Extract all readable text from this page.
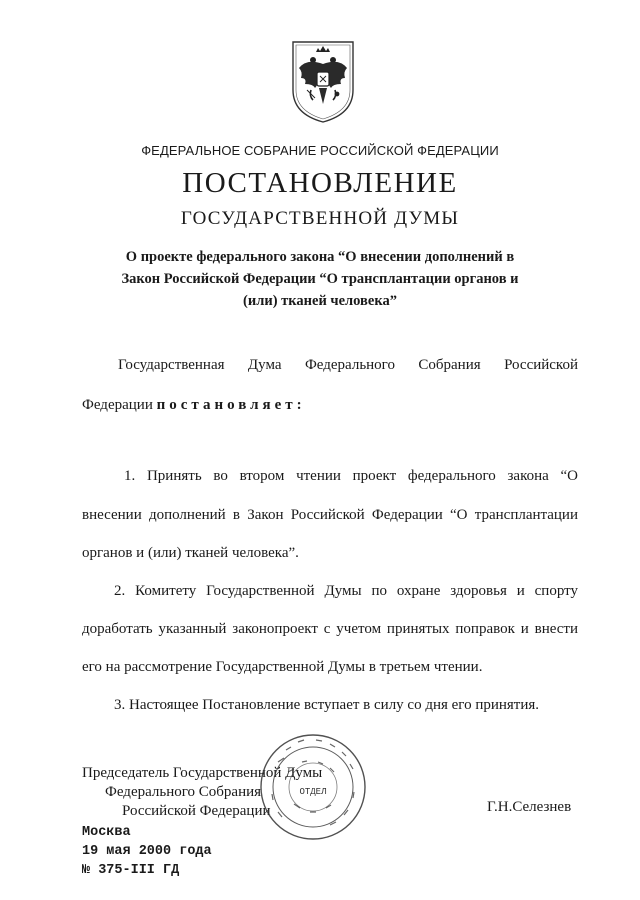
ФЕДЕРАЛЬНОЕ СОБРАНИЕ РОССИЙСКОЙ ФЕДЕРАЦИИ
ПОСТАНОВЛЕНИЕ
ГОСУДАРСТВЕННОЙ ДУМЫ
О проекте федерального закона “О внесении дополнений в
Закон Российской Федерации “О трансплантации органов и
(или) тканей человека”
Государственная Дума Федерального Собрания Российской
Федерации постановляет:
1. Принять во втором чтении проект федерального закона “О
внесении дополнений в Закон Российской Федерации “О трансплантации
органов и (или) тканей человека”.
2. Комитету Государственной Думы по охране здоровья и спорту
доработать указанный законопроект с учетом принятых поправок и внести
его на рассмотрение Государственной Думы в третьем чтении.
3. Настоящее Постановление вступает в силу со дня его принятия.
Председатель Государственной Думы
Федерального Собрания
Российской Федерации	Г.Н.Селезнев
ОТДЕЛ
Москва
19 мая 2000 года
№ 375-III ГД
